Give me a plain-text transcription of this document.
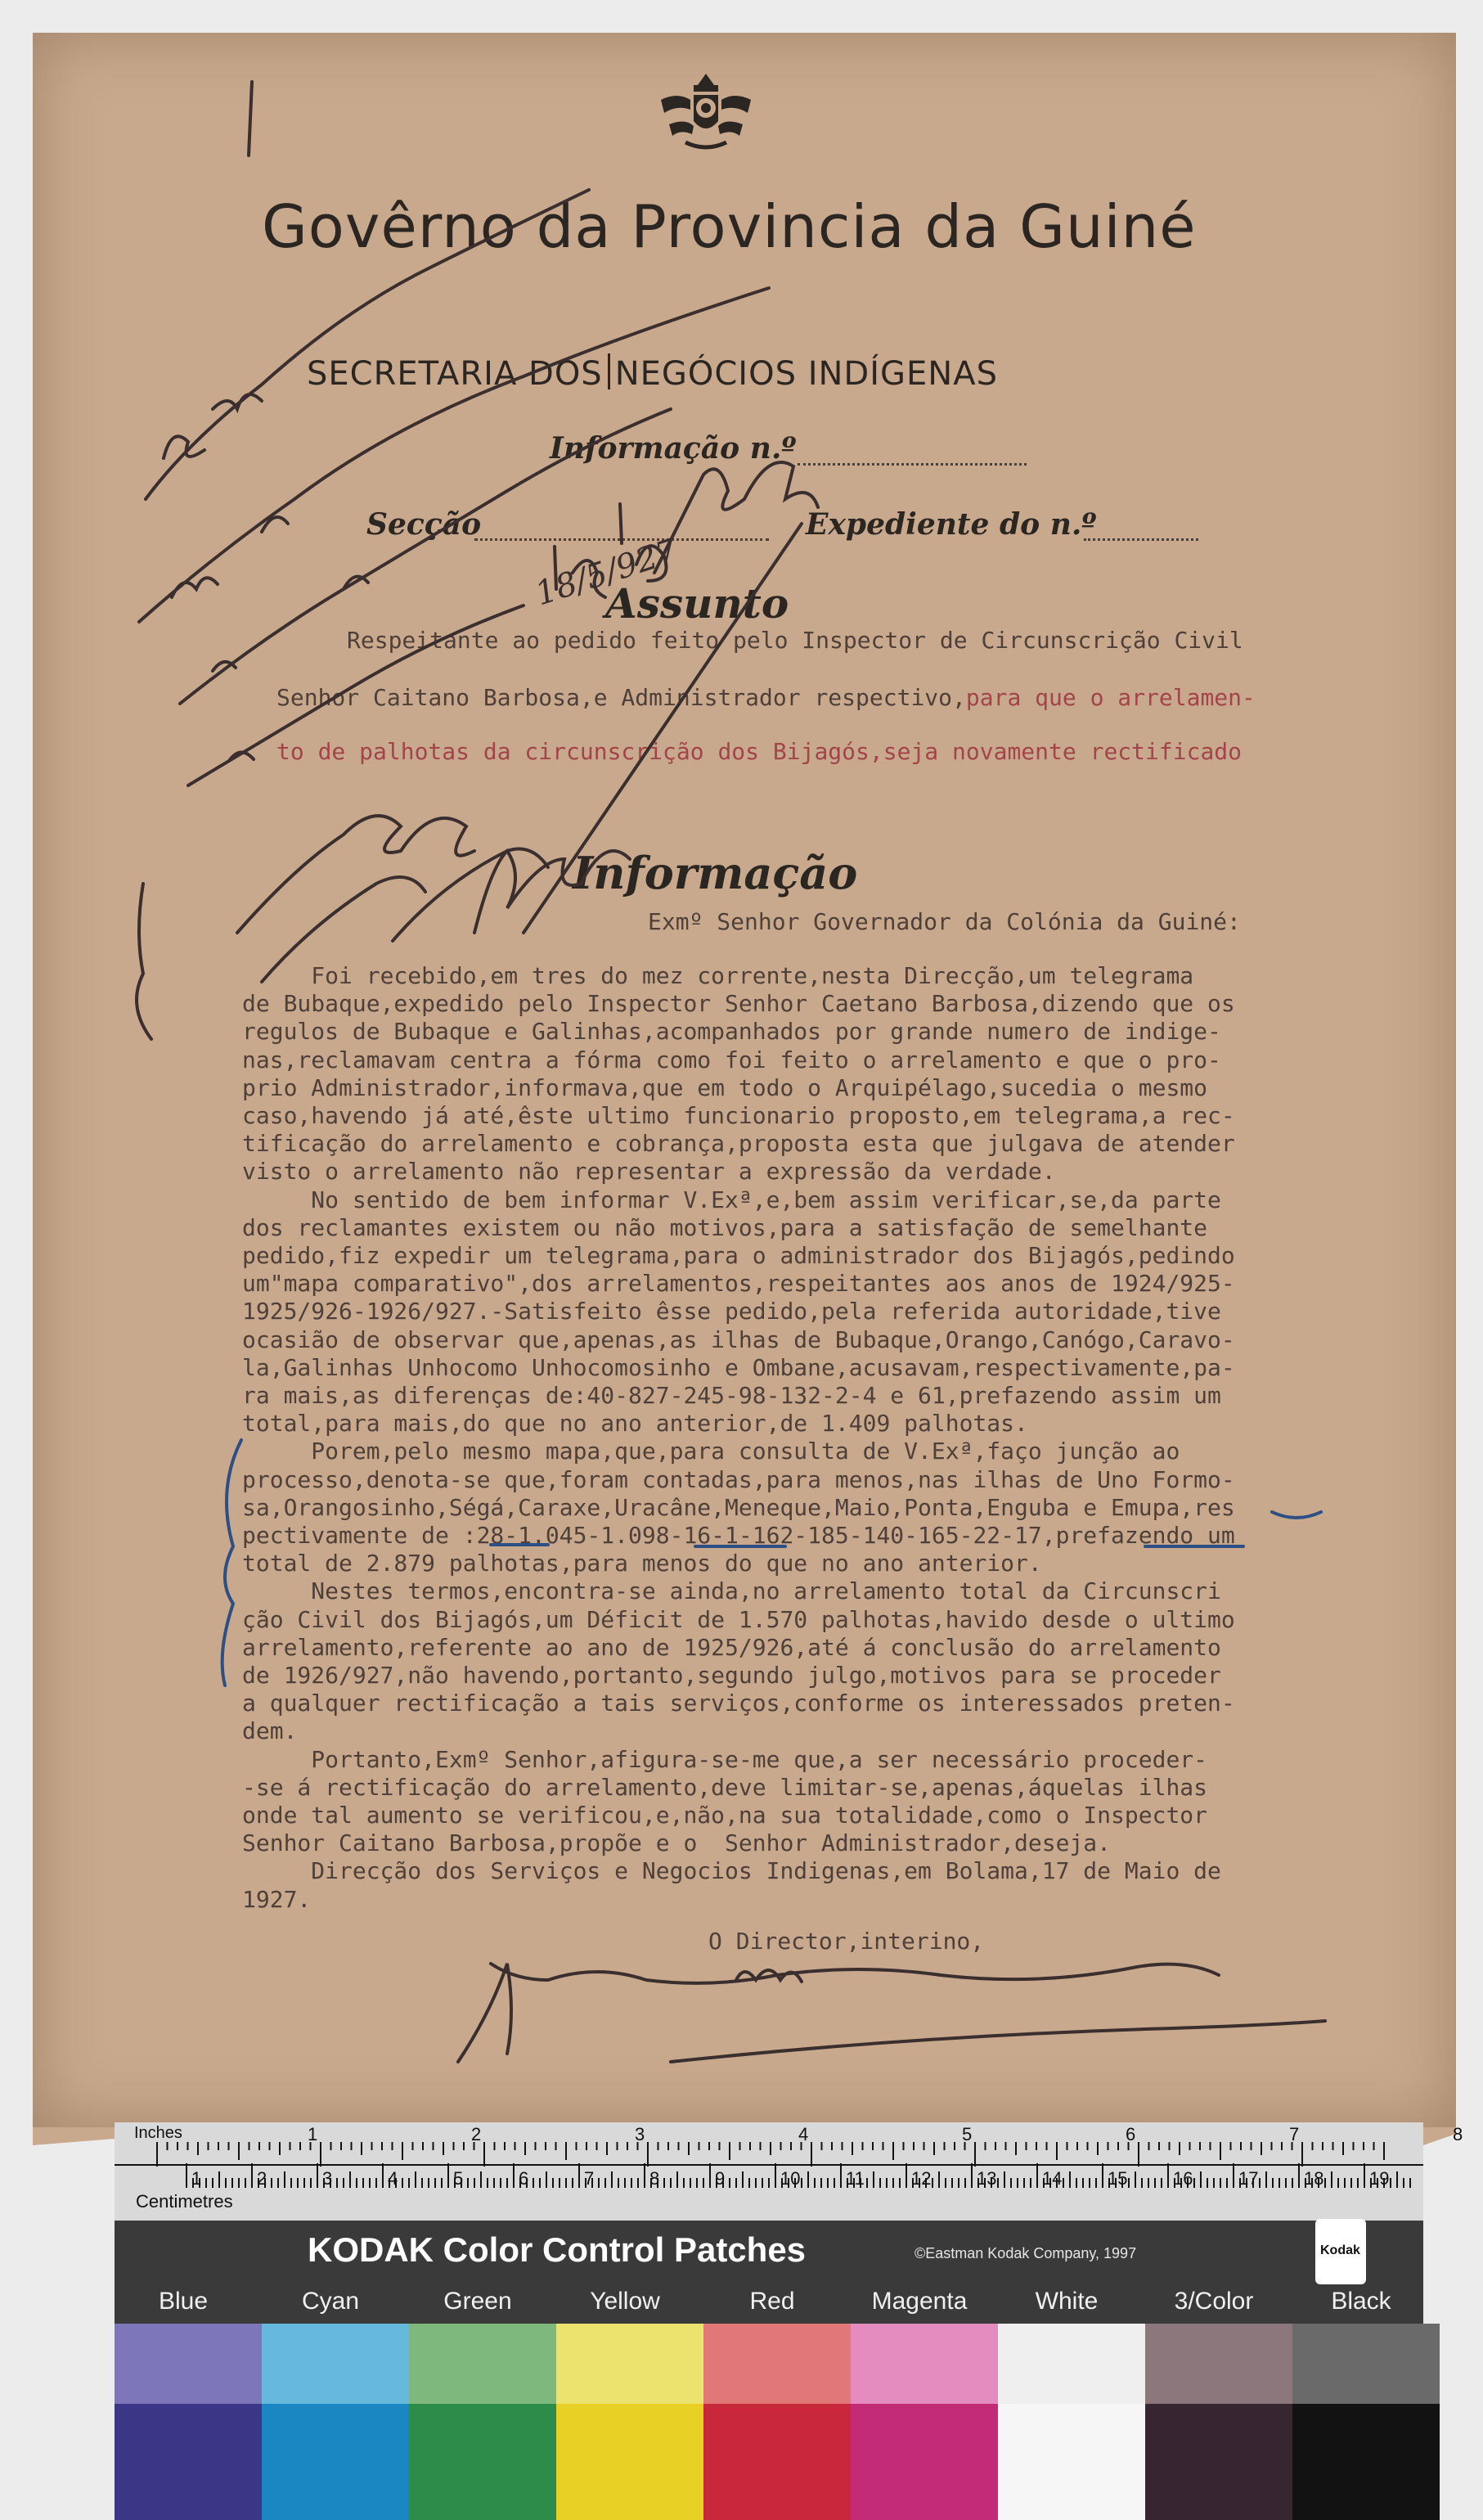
Govêrno da Provincia da Guiné
SECRETARIA DOS NEGÓCIOS INDÍGENAS
Informação n.º
Secção	Expediente do n.º
Assunto
Respeitante ao pedido feito pelo Inspector de Circunscrição Civil
Senhor Caitano Barbosa,e Administrador respectivo,para que o arrelamen-
to de palhotas da circunscrição dos Bijagós,seja novamente rectificado
Informação
Exmº Senhor Governador da Colónia da Guiné:
Foi recebido,em tres do mez corrente,nesta Direcção,um telegrama
de Bubaque,expedido pelo Inspector Senhor Caetano Barbosa,dizendo que os
regulos de Bubaque e Galinhas,acompanhados por grande numero de indige-
nas,reclamavam centra a fórma como foi feito o arrelamento e que o pro-
prio Administrador,informava,que em todo o Arquipélago,sucedia o mesmo
caso,havendo já até,êste ultimo funcionario proposto,em telegrama,a rec-
tificação do arrelamento e cobrança,proposta esta que julgava de atender
visto o arrelamento não representar a expressão da verdade.
No sentido de bem informar V.Exª,e,bem assim verificar,se,da parte
dos reclamantes existem ou não motivos,para a satisfação de semelhante
pedido,fiz expedir um telegrama,para o administrador dos Bijagós,pedindo
um"mapa comparativo",dos arrelamentos,respeitantes aos anos de 1924/925-
1925/926-1926/927.-Satisfeito êsse pedido,pela referida autoridade,tive
ocasião de observar que,apenas,as ilhas de Bubaque,Orango,Canógo,Caravo-
la,Galinhas Unhocomo Unhocomosinho e Ombane,acusavam,respectivamente,pa-
ra mais,as diferenças de:40-827-245-98-132-2-4 e 61,prefazendo assim um
total,para mais,do que no ano anterior,de 1.409 palhotas.
Porem,pelo mesmo mapa,que,para consulta de V.Exª,faço junção ao
processo,denota-se que,foram contadas,para menos,nas ilhas de Uno Formo-
sa,Orangosinho,Ségá,Caraxe,Uracâne,Meneque,Maio,Ponta,Enguba e Emupa,res
pectivamente de :28-1.045-1.098-16-1-162-185-140-165-22-17,prefazendo um
total de 2.879 palhotas,para menos do que no ano anterior.
Nestes termos,encontra-se ainda,no arrelamento total da Circunscri
ção Civil dos Bijagós,um Déficit de 1.570 palhotas,havido desde o ultimo
arrelamento,referente ao ano de 1925/926,até á conclusão do arrelamento
de 1926/927,não havendo,portanto,segundo julgo,motivos para se proceder
a qualquer rectificação a tais serviços,conforme os interessados preten-
dem.
Portanto,Exmº Senhor,afigura-se-me que,a ser necessário proceder-
-se á rectificação do arrelamento,deve limitar-se,apenas,áquelas ilhas
onde tal aumento se verificou,e,não,na sua totalidade,como o Inspector
Senhor Caitano Barbosa,propõe e o  Senhor Administrador,deseja.
Direcção dos Serviços e Negocios Indigenas,em Bolama,17 de Maio de
1927.
O Director,interino,
18/5/927
Inches
Centimetres
1	2	3	4	5	6	7	8
1	2	3	4	5	6	7	8	9	10	11	12	13	14	15	16	17	18	19
KODAK Color Control Patches	©Eastman Kodak Company, 1997	Kodak
Blue	Cyan	Green	Yellow	Red	Magenta	White	3/Color	Black
